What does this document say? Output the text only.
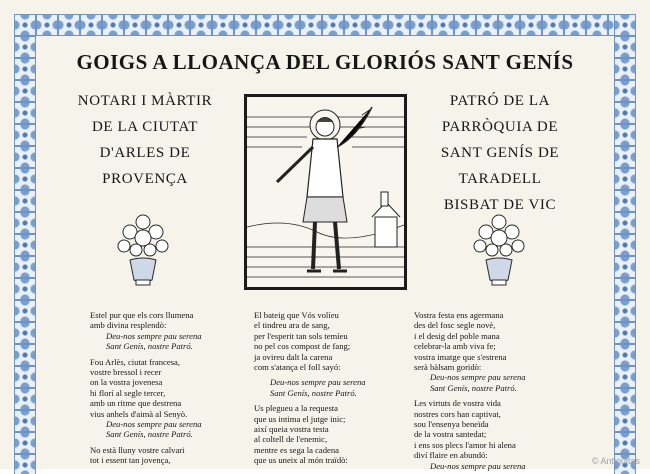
GOIGS A LLOANÇA DEL GLORIÓS SANT GENÍS
NOTARI I MÀRTIR
DE LA CIUTAT
D'ARLES DE
PROVENÇA
PATRÓ DE LA
PARRÒQUIA DE
SANT GENÍS DE
TARADELL
BISBAT DE VIC
Estel pur que els cors llumena
amb divina resplendò:
Deu-nos sempre pau serena
Sant Genís, nostre Patró.
Fou Arlès, ciutat francesa,
vostre bressol i recer
on la vostra jovenesa
hi florí al segle tercer,
amb un ritme que destrena
vius anhels d'aimà al Senyò.
Deu-nos sempre pau serena
Sant Genís, nostre Patró.
No està lluny vostre calvari
tot i essent tan jovença,
El bateig que Vós volíeu
el tindreu ara de sang,
per l'esperit tan sols temíeu
no pel cos compost de fang;
ja ovireu dalt la carena
com s'atança el foll sayó:
Deu-nos sempre pau serena
Sant Genís, nostre Patró.
Us plegueu a la requesta
que us intima el jutge inic;
així queia vostra testa
al coltell de l'enemic,
mentre es sega la cadena
que us uneix al món traïdò:
Vostra festa ens agermana
des del fosc segle novè,
i el desig del poble mana
celebrar-la amb viva fe;
vostra imatge que s'estrena
serà bàlsam goridò:
Deu-nos sempre pau serena
Sant Genís, nostre Patró.
Les virtuts de vostra vida
nostres cors han captivat,
sou l'ensenya beneïda
de la vostra santedat;
i ens sos plecs l'amor hi alena
diví flaire en abundó:
Deu-nos sempre pau serena	© Antiquitas
